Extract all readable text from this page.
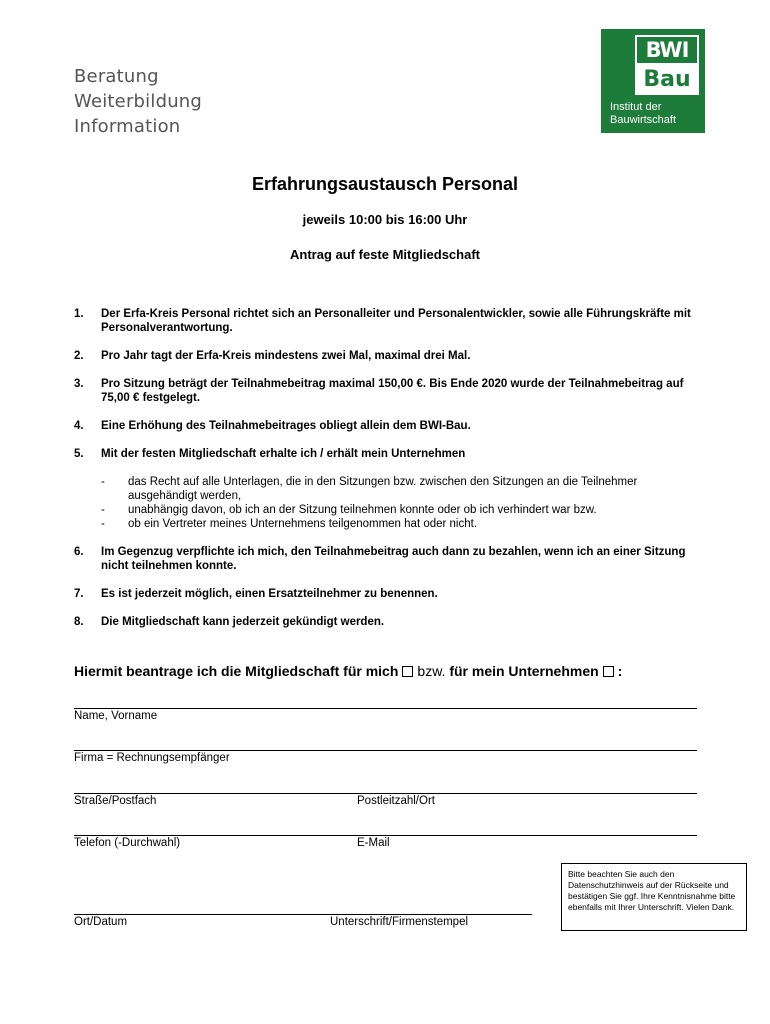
Beratung
Weiterbildung
Information
BWI
Bau
Institut der Bauwirtschaft
Erfahrungsaustausch Personal
jeweils 10:00 bis 16:00 Uhr
Antrag auf feste Mitgliedschaft
1. Der Erfa-Kreis Personal richtet sich an Personalleiter und Personalentwickler, sowie alle Führungskräfte mit Personalverantwortung.
2. Pro Jahr tagt der Erfa-Kreis mindestens zwei Mal, maximal drei Mal.
3. Pro Sitzung beträgt der Teilnahmebeitrag maximal 150,00 €. Bis Ende 2020 wurde der Teilnahmebeitrag auf 75,00 € festgelegt.
4. Eine Erhöhung des Teilnahmebeitrages obliegt allein dem BWI-Bau.
5. Mit der festen Mitgliedschaft erhalte ich / erhält mein Unternehmen
- das Recht auf alle Unterlagen, die in den Sitzungen bzw. zwischen den Sitzungen an die Teilnehmer ausgehändigt werden,
- unabhängig davon, ob ich an der Sitzung teilnehmen konnte oder ob ich verhindert war bzw.
- ob ein Vertreter meines Unternehmens teilgenommen hat oder nicht.
6. Im Gegenzug verpflichte ich mich, den Teilnahmebeitrag auch dann zu bezahlen, wenn ich an einer Sitzung nicht teilnehmen konnte.
7. Es ist jederzeit möglich, einen Ersatzteilnehmer zu benennen.
8. Die Mitgliedschaft kann jederzeit gekündigt werden.
Hiermit beantrage ich die Mitgliedschaft für mich bzw. für mein Unternehmen :
Name, Vorname
Firma = Rechnungsempfänger
Straße/Postfach	Postleitzahl/Ort
Telefon (-Durchwahl)	E-Mail
Ort/Datum	Unterschrift/Firmenstempel
Bitte beachten Sie auch den Datenschutzhinweis auf der Rückseite und bestätigen Sie ggf. Ihre Kenntnisnahme bitte ebenfalls mit Ihrer Unterschrift. Vielen Dank.
